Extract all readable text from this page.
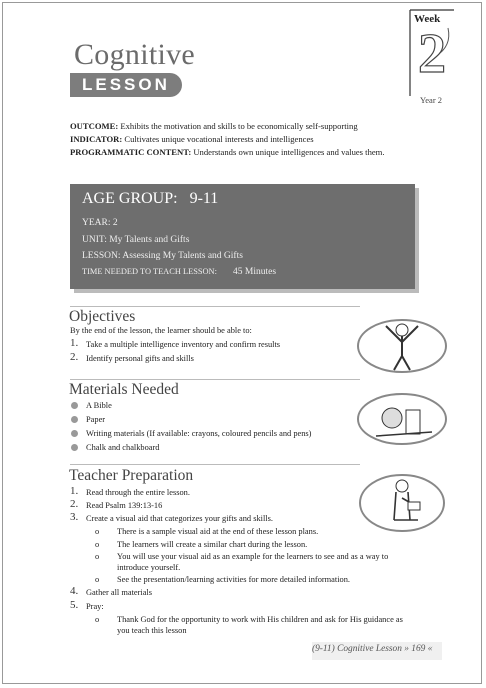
Cognitive
LESSON
Week
2
Year 2
OUTCOME: Exhibits the motivation and skills to be economically self-supporting
INDICATOR: Cultivates unique vocational interests and intelligences
PROGRAMMATIC CONTENT: Understands own unique intelligences and values them.
AGE GROUP: 9-11
YEAR: 2
UNIT: My Talents and Gifts
LESSON: Assessing My Talents and Gifts
TIME NEEDED TO TEACH LESSON: 45 Minutes
Objectives
By the end of the lesson, the learner should be able to:
1. Take a multiple intelligence inventory and confirm results
2. Identify personal gifts and skills
Materials Needed
A Bible
Paper
Writing materials (If available: crayons, coloured pencils and pens)
Chalk and chalkboard
Teacher Preparation
1. Read through the entire lesson.
2. Read Psalm 139:13-16
3. Create a visual aid that categorizes your gifts and skills.
o There is a sample visual aid at the end of these lesson plans.
o The learners will create a similar chart during the lesson.
o You will use your visual aid as an example for the learners to see and as a way to
introduce yourself.
o See the presentation/learning activities for more detailed information.
4. Gather all materials
5. Pray:
o Thank God for the opportunity to work with His children and ask for His guidance as
you teach this lesson
(9-11) Cognitive Lesson » 169 «
